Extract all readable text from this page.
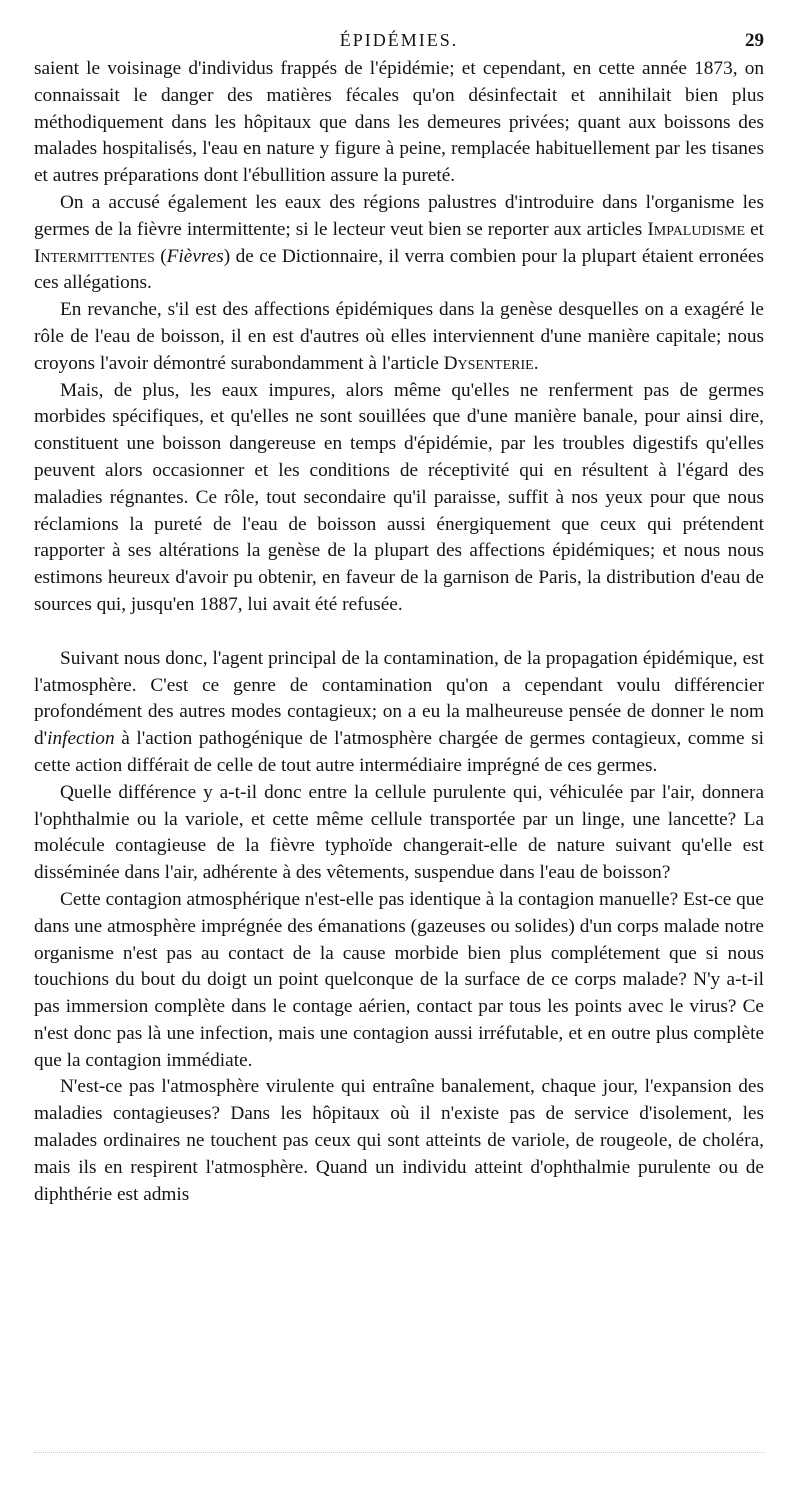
ÉPIDÉMIES.	29

saient le voisinage d'individus frappés de l'épidémie; et cependant, en cette année 1873, on connaissait le danger des matières fécales qu'on désinfectait et annihilait bien plus méthodiquement dans les hôpitaux que dans les demeures privées; quant aux boissons des malades hospitalisés, l'eau en nature y figure à peine, remplacée habituellement par les tisanes et autres préparations dont l'ébullition assure la pureté.

On a accusé également les eaux des régions palustres d'introduire dans l'organisme les germes de la fièvre intermittente; si le lecteur veut bien se reporter aux articles Impaludisme et Intermittentes (Fièvres) de ce Dictionnaire, il verra combien pour la plupart étaient erronées ces allégations.

En revanche, s'il est des affections épidémiques dans la genèse desquelles on a exagéré le rôle de l'eau de boisson, il en est d'autres où elles interviennent d'une manière capitale; nous croyons l'avoir démontré surabondamment à l'article Dysenterie.

Mais, de plus, les eaux impures, alors même qu'elles ne renferment pas de germes morbides spécifiques, et qu'elles ne sont souillées que d'une manière banale, pour ainsi dire, constituent une boisson dangereuse en temps d'épidémie, par les troubles digestifs qu'elles peuvent alors occasionner et les conditions de réceptivité qui en résultent à l'égard des maladies régnantes. Ce rôle, tout secondaire qu'il paraisse, suffit à nos yeux pour que nous réclamions la pureté de l'eau de boisson aussi énergiquement que ceux qui prétendent rapporter à ses altérations la genèse de la plupart des affections épidémiques; et nous nous estimons heureux d'avoir pu obtenir, en faveur de la garnison de Paris, la distribution d'eau de sources qui, jusqu'en 1887, lui avait été refusée.

Suivant nous donc, l'agent principal de la contamination, de la propagation épidémique, est l'atmosphère. C'est ce genre de contamination qu'on a cependant voulu différencier profondément des autres modes contagieux; on a eu la malheureuse pensée de donner le nom d'infection à l'action pathogénique de l'atmosphère chargée de germes contagieux, comme si cette action différait de celle de tout autre intermédiaire imprégné de ces germes.

Quelle différence y a-t-il donc entre la cellule purulente qui, véhiculée par l'air, donnera l'ophthalmie ou la variole, et cette même cellule transportée par un linge, une lancette? La molécule contagieuse de la fièvre typhoïde changerait-elle de nature suivant qu'elle est disséminée dans l'air, adhérente à des vêtements, suspendue dans l'eau de boisson?

Cette contagion atmosphérique n'est-elle pas identique à la contagion manuelle? Est-ce que dans une atmosphère imprégnée des émanations (gazeuses ou solides) d'un corps malade notre organisme n'est pas au contact de la cause morbide bien plus complétement que si nous touchions du bout du doigt un point quelconque de la surface de ce corps malade? N'y a-t-il pas immersion complète dans le contage aérien, contact par tous les points avec le virus? Ce n'est donc pas là une infection, mais une contagion aussi irréfutable, et en outre plus complète que la contagion immédiate.

N'est-ce pas l'atmosphère virulente qui entraîne banalement, chaque jour, l'expansion des maladies contagieuses? Dans les hôpitaux où il n'existe pas de service d'isolement, les malades ordinaires ne touchent pas ceux qui sont atteints de variole, de rougeole, de choléra, mais ils en respirent l'atmosphère. Quand un individu atteint d'ophthalmie purulente ou de diphthérie est admis
